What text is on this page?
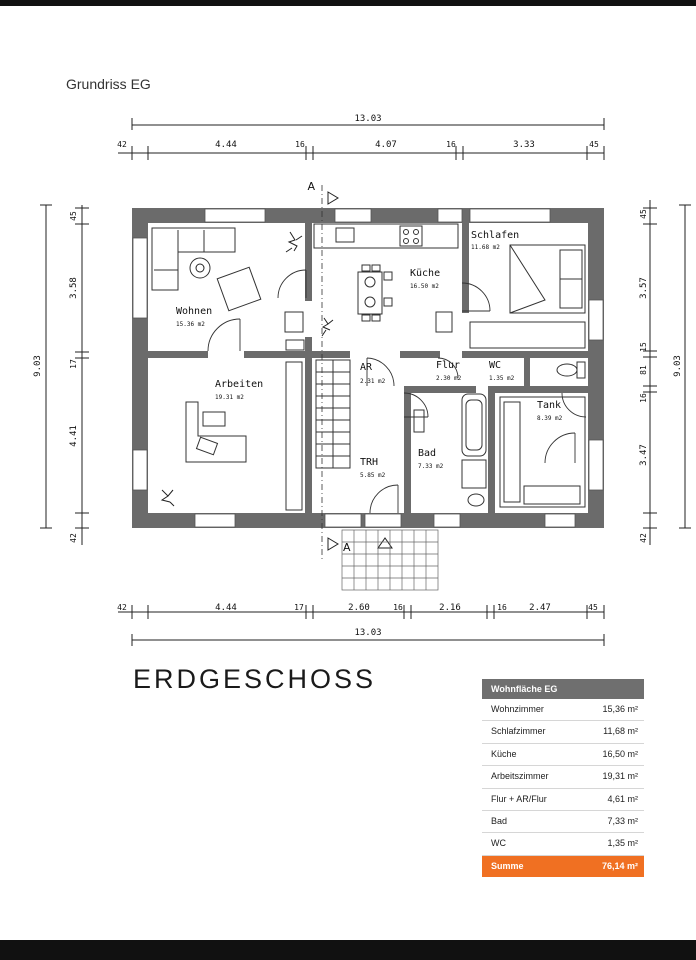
Grundriss EG
13.03
42	4.44	16	4.07	16	3.33	45
42	4.44	17	2.60	16	2.16	16 2.47	45
13.03
9.03
45
3.58
17
4.41
42
9.03
45
3.57
15
81
16
3.47
42
A
A
Wohnen
15.36 m2
Küche
16.50 m2
Schlafen
11.68 m2
Arbeiten
19.31 m2
AR
2.31 m2
Flur
2.30 m2
WC
1.35 m2
Tank
8.39 m2
TRH
5.85 m2
Bad
7.33 m2
ERDGESCHOSS	Wohnfläche EG
Wohnzimmer	15,36 m²
Schlafzimmer	11,68 m²
Küche	16,50 m²
Arbeitszimmer	19,31 m²
Flur + AR/Flur	4,61 m²
Bad	7,33 m²
WC	1,35 m²
Summe	76,14 m²
